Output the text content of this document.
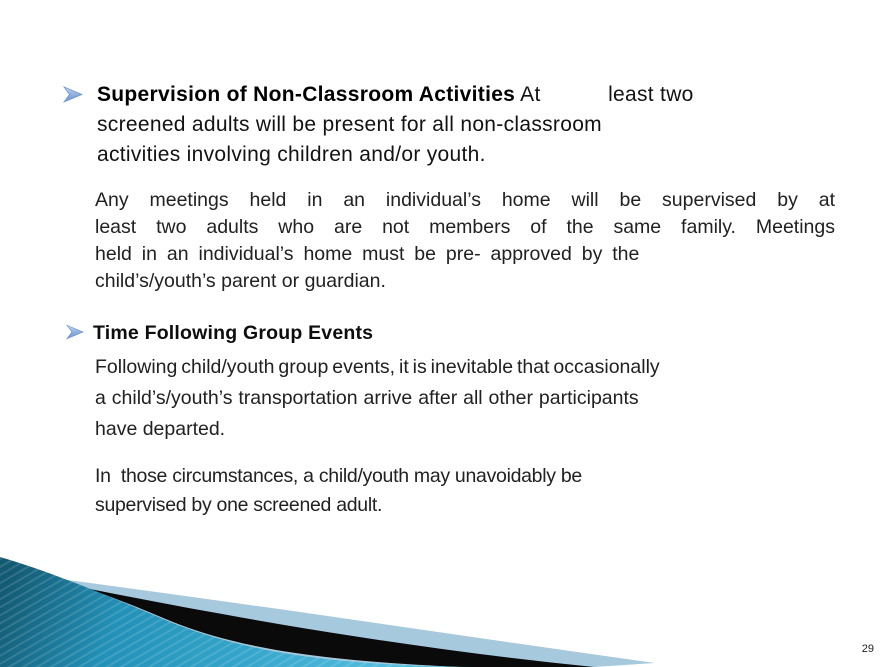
Supervision of Non-Classroom Activities At           least two
screened adults will be present for all non-classroom
activities involving children and/or youth.
Any meetings held in an individual’s home will be supervised by at
least two adults who are not members of the same family. Meetings
held in an individual’s home must be pre- approved by the
child’s/youth’s parent or guardian.
Time Following Group Events
Following child/youth group events, it is inevitable that occasionally
a child’s/youth’s transportation arrive after all other participants
have departed.
In  those circumstances, a child/youth may unavoidably be
supervised by one screened adult.
29
